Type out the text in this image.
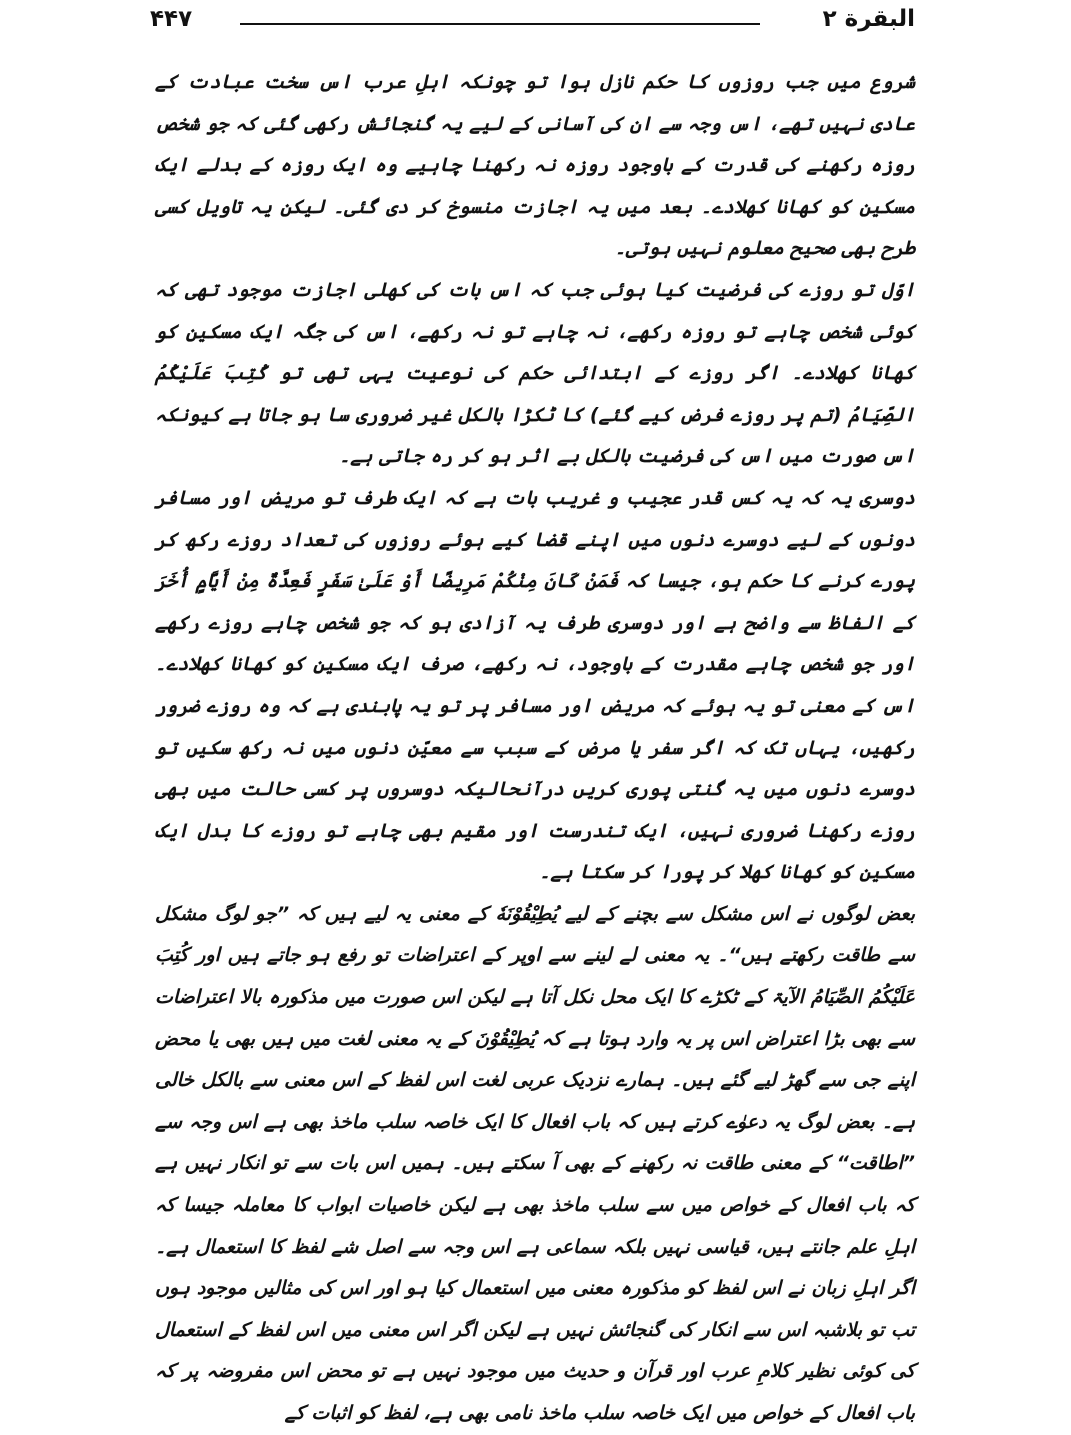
البقرة ۲
۴۴۷

شروع میں جب روزوں کا حکم نازل ہوا تو چونکہ اہلِ عرب اس سخت عبادت کے عادی نہیں تھے، اس وجہ سے ان کی آسانی کے لیے یہ گنجائش رکھی گئی کہ جو شخص روزہ رکھنے کی قدرت کے باوجود روزہ نہ رکھنا چاہیے وہ ایک روزہ کے بدلے ایک مسکین کو کھانا کھلادے۔ بعد میں یہ اجازت منسوخ کر دی گئی۔ لیکن یہ تاویل کسی طرح بھی صحیح معلوم نہیں ہوتی۔

اوّل تو روزے کی فرضیت کیا ہوئی جب کہ اس بات کی کھلی اجازت موجود تھی کہ کوئی شخص چاہے تو روزہ رکھے، نہ چاہے تو نہ رکھے، اس کی جگہ ایک مسکین کو کھانا کھلادے۔ اگر روزے کے ابتدائی حکم کی نوعیت یہی تھی تو کُتِبَ عَلَیْکُمُ الصِّیَامُ (تم پر روزے فرض کیے گئے) کا ٹکڑا بالکل غیر ضروری سا ہو جاتا ہے کیونکہ اس صورت میں اس کی فرضیت بالکل بے اثر ہو کر رہ جاتی ہے۔

دوسری یہ کہ یہ کس قدر عجیب و غریب بات ہے کہ ایک طرف تو مریض اور مسافر دونوں کے لیے دوسرے دنوں میں اپنے قضا کیے ہوئے روزوں کی تعداد روزے رکھ کر پورے کرنے کا حکم ہو، جیسا کہ فَمَنْ كَانَ مِنْكُمْ مَرِيضًا أَوْ عَلَىٰ سَفَرٍ فَعِدَّةٌ مِنْ أَيَّامٍ أُخَرَ کے الفاظ سے واضح ہے اور دوسری طرف یہ آزادی ہو کہ جو شخص چاہے روزے رکھے اور جو شخص چاہے مقدرت کے باوجود، نہ رکھے، صرف ایک مسکین کو کھانا کھلادے۔ اس کے معنی تو یہ ہوئے کہ مریض اور مسافر پر تو یہ پابندی ہے کہ وہ روزے ضرور رکھیں، یہاں تک کہ اگر سفر یا مرض کے سبب سے معیّن دنوں میں نہ رکھ سکیں تو دوسرے دنوں میں یہ گنتی پوری کریں درآنحالیکہ دوسروں پر کسی حالت میں بھی روزے رکھنا ضروری نہیں، ایک تندرست اور مقیم بھی چاہے تو روزے کا بدل ایک مسکین کو کھانا کھلا کر پورا کر سکتا ہے۔

بعض لوگوں نے اس مشکل سے بچنے کے لیے یُطِیْقُوْنَهٗ کے معنی یہ لیے ہیں کہ ”جو لوگ مشکل سے طاقت رکھتے ہیں“۔ یہ معنی لے لینے سے اوپر کے اعتراضات تو رفع ہو جاتے ہیں اور کُتِبَ عَلَیْکُمُ الصِّیَامُ الآیۃ کے ٹکڑے کا ایک محل نکل آتا ہے لیکن اس صورت میں مذکورہ بالا اعتراضات سے بھی بڑا اعتراض اس پر یہ وارد ہوتا ہے کہ یُطِیْقُوْنَ کے یہ معنی لغت میں ہیں بھی یا محض اپنے جی سے گھڑ لیے گئے ہیں۔ ہمارے نزدیک عربی لغت اس لفظ کے اس معنی سے بالکل خالی ہے۔ بعض لوگ یہ دعوٰے کرتے ہیں کہ باب افعال کا ایک خاصہ سلب ماخذ بھی ہے اس وجہ سے ”اطاقت“ کے معنی طاقت نہ رکھنے کے بھی آ سکتے ہیں۔ ہمیں اس بات سے تو انکار نہیں ہے کہ باب افعال کے خواص میں سے سلب ماخذ بھی ہے لیکن خاصیات ابواب کا معاملہ جیسا کہ اہلِ علم جانتے ہیں، قیاسی نہیں بلکہ سماعی ہے اس وجہ سے اصل شے لفظ کا استعمال ہے۔ اگر اہلِ زبان نے اس لفظ کو مذکورہ معنی میں استعمال کیا ہو اور اس کی مثالیں موجود ہوں تب تو بلاشبہ اس سے انکار کی گنجائش نہیں ہے لیکن اگر اس معنی میں اس لفظ کے استعمال کی کوئی نظیر کلامِ عرب اور قرآن و حدیث میں موجود نہیں ہے تو محض اس مفروضہ پر کہ باب افعال کے خواص میں ایک خاصہ سلب ماخذ نامی بھی ہے، لفظ کو اثبات کے
